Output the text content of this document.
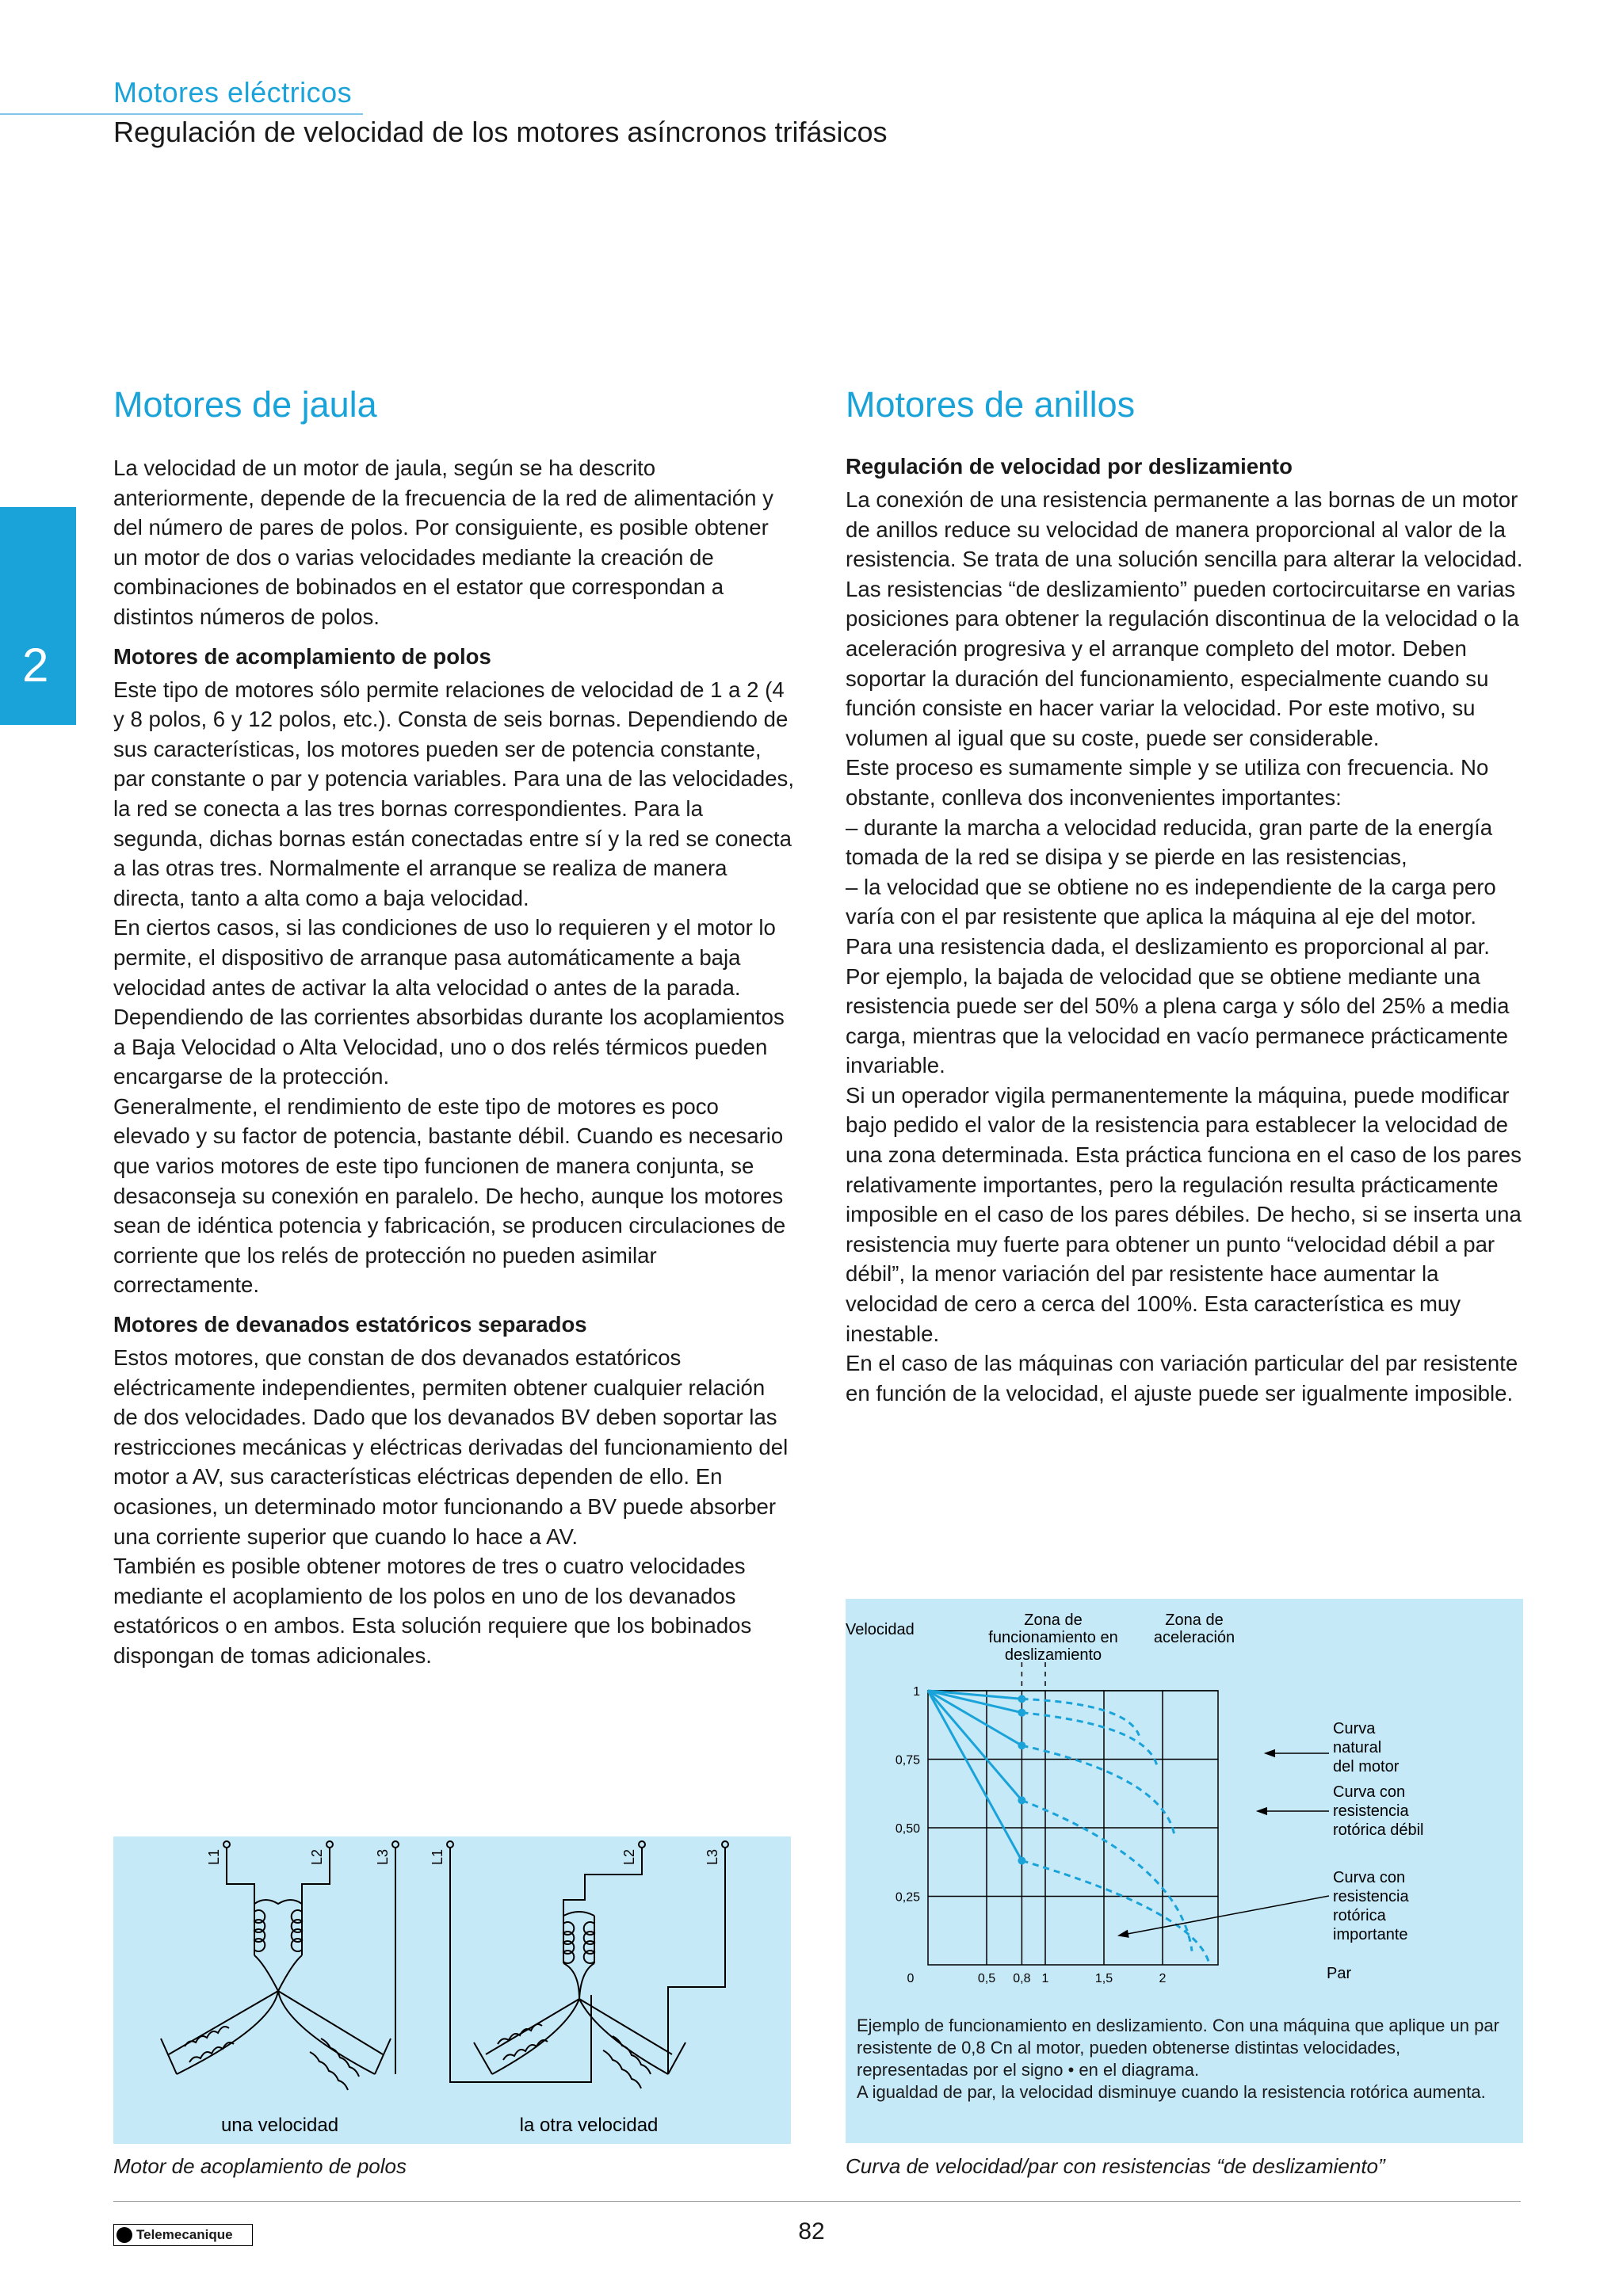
Motores eléctricos
Regulación de velocidad de los motores asíncronos trifásicos
2
Motores de jaula

La velocidad de un motor de jaula, según se ha descrito anteriormente, depende de la frecuencia de la red de alimentación y del número de pares de polos. Por consiguiente, es posible obtener un motor de dos o varias velocidades mediante la creación de combinaciones de bobinados en el estator que correspondan a distintos números de polos.

Motores de acomplamiento de polos

Este tipo de motores sólo permite relaciones de velocidad de 1 a 2 (4 y 8 polos, 6 y 12 polos, etc.). Consta de seis bornas. Dependiendo de sus características, los motores pueden ser de potencia constante, par constante o par y potencia variables. Para una de las velocidades, la red se conecta a las tres bornas correspondientes. Para la segunda, dichas bornas están conectadas entre sí y la red se conecta a las otras tres. Normalmente el arranque se realiza de manera directa, tanto a alta como a baja velocidad.
En ciertos casos, si las condiciones de uso lo requieren y el motor lo permite, el dispositivo de arranque pasa automáticamente a baja velocidad antes de activar la alta velocidad o antes de la parada.
Dependiendo de las corrientes absorbidas durante los acoplamientos a Baja Velocidad o Alta Velocidad, uno o dos relés térmicos pueden encargarse de la protección.
Generalmente, el rendimiento de este tipo de motores es poco elevado y su factor de potencia, bastante débil. Cuando es necesario que varios motores de este tipo funcionen de manera conjunta, se desaconseja su conexión en paralelo. De hecho, aunque los motores sean de idéntica potencia y fabricación, se producen circulaciones de corriente que los relés de protección no pueden asimilar correctamente.

Motores de devanados estatóricos separados

Estos motores, que constan de dos devanados estatóricos eléctricamente independientes, permiten obtener cualquier relación de dos velocidades. Dado que los devanados BV deben soportar las restricciones mecánicas y eléctricas derivadas del funcionamiento del motor a AV, sus características eléctricas dependen de ello. En ocasiones, un determinado motor funcionando a BV puede absorber una corriente superior que cuando lo hace a AV.
También es posible obtener motores de tres o cuatro velocidades mediante el acoplamiento de los polos en uno de los devanados estatóricos o en ambos. Esta solución requiere que los bobinados dispongan de tomas adicionales.

Motores de anillos
Regulación de velocidad por deslizamiento

La conexión de una resistencia permanente a las bornas de un motor de anillos reduce su velocidad de manera proporcional al valor de la resistencia. Se trata de una solución sencilla para alterar la velocidad.
Las resistencias “de deslizamiento” pueden cortocircuitarse en varias posiciones para obtener la regulación discontinua de la velocidad o la aceleración progresiva y el arranque completo del motor. Deben soportar la duración del funcionamiento, especialmente cuando su función consiste en hacer variar la velocidad. Por este motivo, su volumen al igual que su coste, puede ser considerable.
Este proceso es sumamente simple y se utiliza con frecuencia. No obstante, conlleva dos inconvenientes importantes:
– durante la marcha a velocidad reducida, gran parte de la energía tomada de la red se disipa y se pierde en las resistencias,
– la velocidad que se obtiene no es independiente de la carga pero varía con el par resistente que aplica la máquina al eje del motor. Para una resistencia dada, el deslizamiento es proporcional al par. Por ejemplo, la bajada de velocidad que se obtiene mediante una resistencia puede ser del 50% a plena carga y sólo del 25% a media carga, mientras que la velocidad en vacío permanece prácticamente invariable.
Si un operador vigila permanentemente la máquina, puede modificar bajo pedido el valor de la resistencia para establecer la velocidad de una zona determinada. Esta práctica funciona en el caso de los pares relativamente importantes, pero la regulación resulta prácticamente imposible en el caso de los pares débiles. De hecho, si se inserta una resistencia muy fuerte para obtener un punto “velocidad débil a par débil”, la menor variación del par resistente hace aumentar la velocidad de cero a cerca del 100%. Esta característica es muy inestable.
En el caso de las máquinas con variación particular del par resistente en función de la velocidad, el ajuste puede ser igualmente imposible.

L1	L2	L3	L1	L2	L3
una velocidad	la otra velocidad
Motor de acoplamiento de polos
0,5 0,8 1	1,5	2
1
0,75
0,50
0,25
0
Velocidad
Par
Zona de funcionamiento en deslizamiento
Zona de aceleración
Curva natural del motor
Curva con resistencia rotórica débil
Curva con resistencia rotórica importante
Ejemplo de funcionamiento en deslizamiento. Con una máquina que aplique un par resistente de 0,8 Cn al motor, pueden obtenerse distintas velocidades, representadas por el signo • en el diagrama.
A igualdad de par, la velocidad disminuye cuando la resistencia rotórica aumenta.
Curva de velocidad/par con resistencias “de deslizamiento”
Telemecanique	82
